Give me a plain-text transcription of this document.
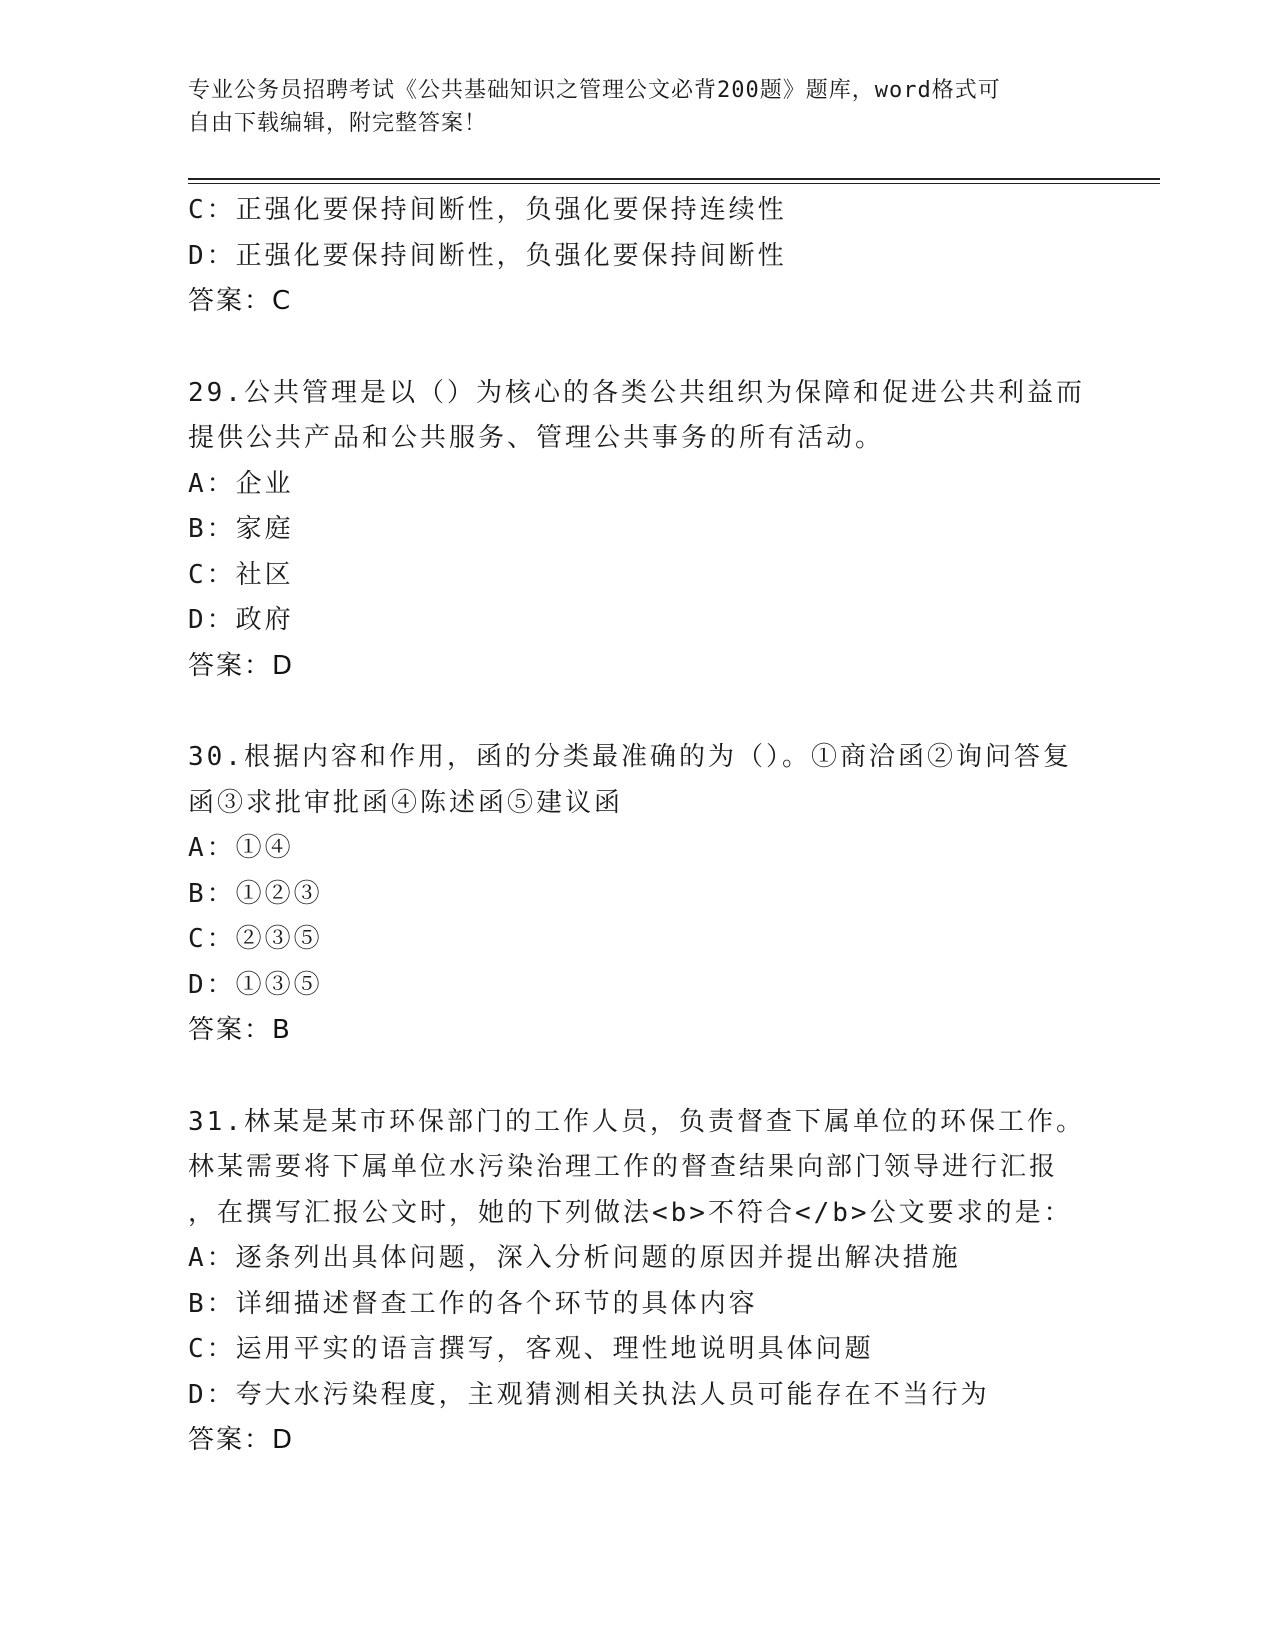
专业公务员招聘考试《公共基础知识之管理公文必背200题》题库，word格式可
自由下载编辑，附完整答案！
C：正强化要保持间断性，负强化要保持连续性
D：正强化要保持间断性，负强化要保持间断性
答案：C
29.公共管理是以（）为核心的各类公共组织为保障和促进公共利益而
提供公共产品和公共服务、管理公共事务的所有活动。
A：企业
B：家庭
C：社区
D：政府
答案：D
30.根据内容和作用，函的分类最准确的为（）。①商洽函②询问答复
函③求批审批函④陈述函⑤建议函
A：①④
B：①②③
C：②③⑤
D：①③⑤
答案：B
31.林某是某市环保部门的工作人员，负责督查下属单位的环保工作。
林某需要将下属单位水污染治理工作的督查结果向部门领导进行汇报
，在撰写汇报公文时，她的下列做法<b>不符合</b>公文要求的是：
A：逐条列出具体问题，深入分析问题的原因并提出解决措施
B：详细描述督查工作的各个环节的具体内容
C：运用平实的语言撰写，客观、理性地说明具体问题
D：夸大水污染程度，主观猜测相关执法人员可能存在不当行为
答案：D
